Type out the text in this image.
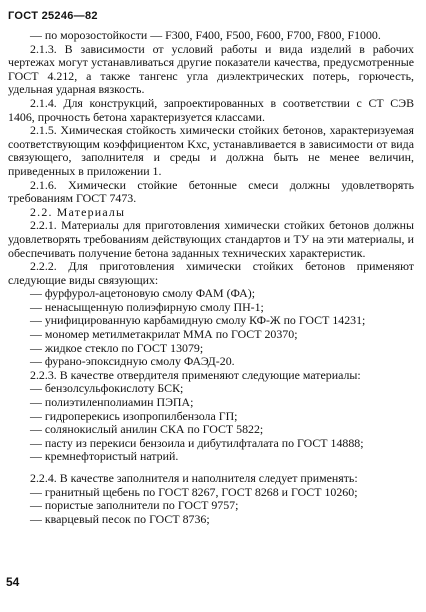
ГОСТ 25246—82

— по морозостойкости — F300, F400, F500, F600, F700, F800, F1000.

2.1.3. В зависимости от условий работы и вида изделий в рабочих чертежах могут устанавливаться другие показатели качества, предусмотренные ГОСТ 4.212, а также тангенс угла диэлектрических потерь, горючесть, удельная ударная вязкость.

2.1.4. Для конструкций, запроектированных в соответствии с СТ СЭВ 1406, прочность бетона характеризуется классами.

2.1.5. Химическая стойкость химически стойких бетонов, характеризуемая соответствующим коэффициентом Kхс, устанавливается в зависимости от вида связующего, заполнителя и среды и должна быть не менее величин, приведенных в приложении 1.

2.1.6. Химически стойкие бетонные смеси должны удовлетворять требованиям ГОСТ 7473.

2.2. Материалы

2.2.1. Материалы для приготовления химически стойких бетонов должны удовлетворять требованиям действующих стандартов и ТУ на эти материалы, и обеспечивать получение бетона заданных технических характеристик.

2.2.2. Для приготовления химически стойких бетонов применяют следующие виды связующих:

— фурфурол-ацетоновую смолу ФАМ (ФА);

— ненасыщенную полиэфирную смолу ПН-1;

— унифицированную карбамидную смолу КФ-Ж по ГОСТ 14231;

— мономер метилметакрилат ММА по ГОСТ 20370;

— жидкое стекло по ГОСТ 13079;

— фурано-эпоксидную смолу ФАЭД-20.

2.2.3. В качестве отвердителя применяют следующие материалы:

— бензолсульфокислоту БСК;

— полиэтиленполиамин ПЭПА;

— гидроперекись изопропилбензола ГП;

— солянокислый анилин СКА по ГОСТ 5822;

— пасту из перекиси бензоила и дибутилфталата по ГОСТ 14888;

— кремнефтористый натрий.

2.2.4. В качестве заполнителя и наполнителя следует применять:

— гранитный щебень по ГОСТ 8267, ГОСТ 8268 и ГОСТ 10260;

— пористые заполнители по ГОСТ 9757;

— кварцевый песок по ГОСТ 8736;

54
